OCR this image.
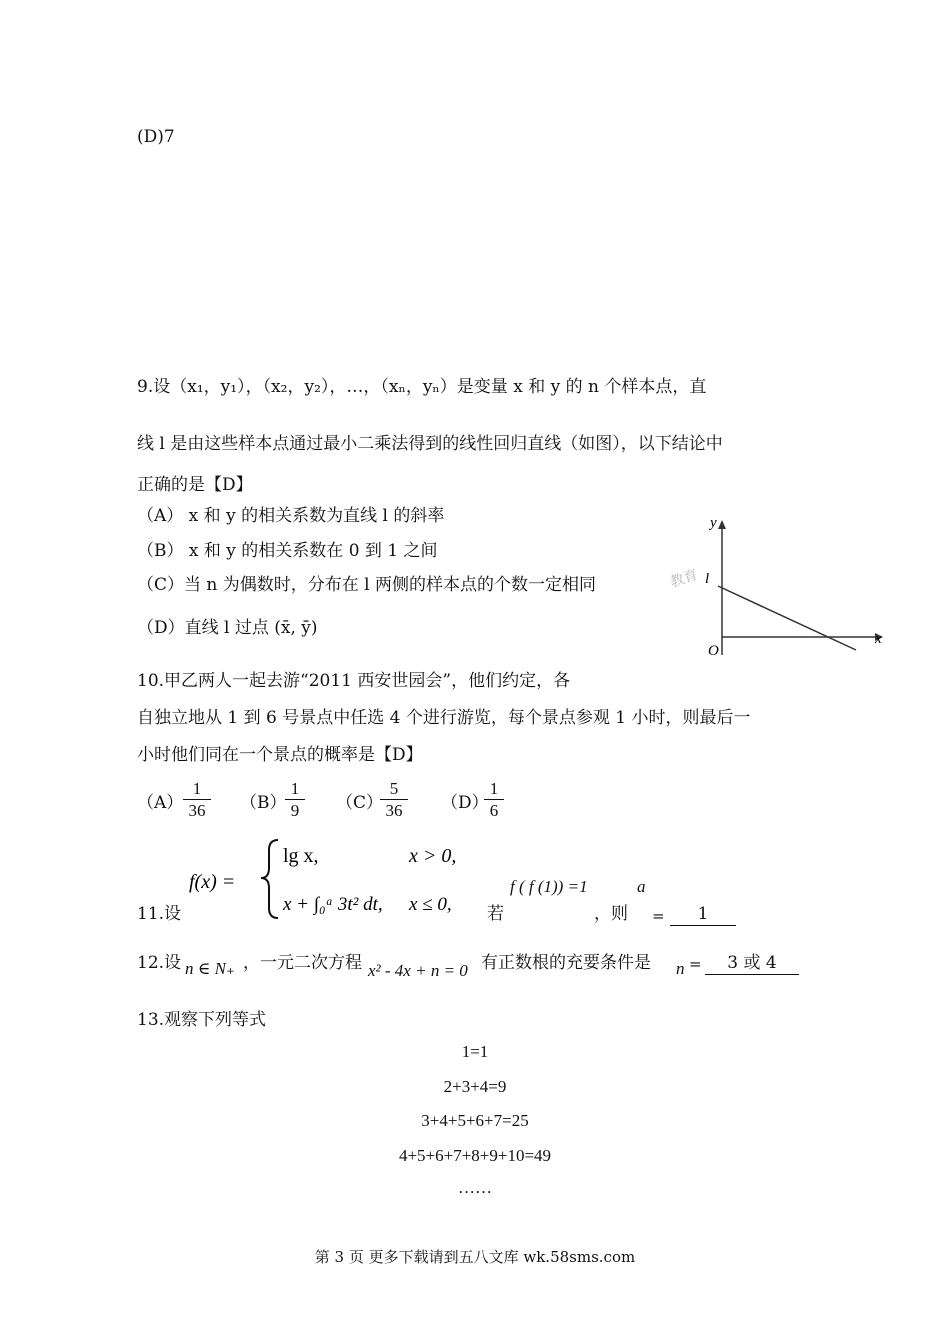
(D)7
9.设（x₁，y₁），（x₂，y₂），…，（xₙ，yₙ）是变量 x 和 y 的 n 个样本点，直
线 l 是由这些样本点通过最小二乘法得到的线性回归直线（如图），以下结论中
正确的是【D】
（A） x 和 y 的相关系数为直线 l 的斜率
（B） x 和 y 的相关系数在 0 到 1 之间
（C）当 n 为偶数时，分布在 l 两侧的样本点的个数一定相同
（D）直线 l 过点 (x̄, ȳ)
教育
x
y
O
l
10.甲乙两人一起去游“2011 西安世园会”，他们约定，各
自独立地从 1 到 6 号景点中任选 4 个进行游览，每个景点参观 1 小时，则最后一
小时他们同在一个景点的概率是【D】
$(A) \frac{1}{36} (B)$
$\frac{1}{9} (C)$
$\frac{5}{36} (D)$
$\frac{1}{6}$
11.设
f(x) =
lg x,	x > 0,
x + ∫₀ᵃ 3t² dt, x ≤ 0, 若
f ( f (1)) =1	a
，则 =	1
12.设 n ∈ N₊ ，一元二次方程 x² - 4x + n = 0 有正数根的充要条件是 n =	3 或 4
13.观察下列等式
1=1
2+3+4=9
3+4+5+6+7=25
4+5+6+7+8+9+10=49
……
第 3 页 更多下载请到五八文库 wk.58sms.com
